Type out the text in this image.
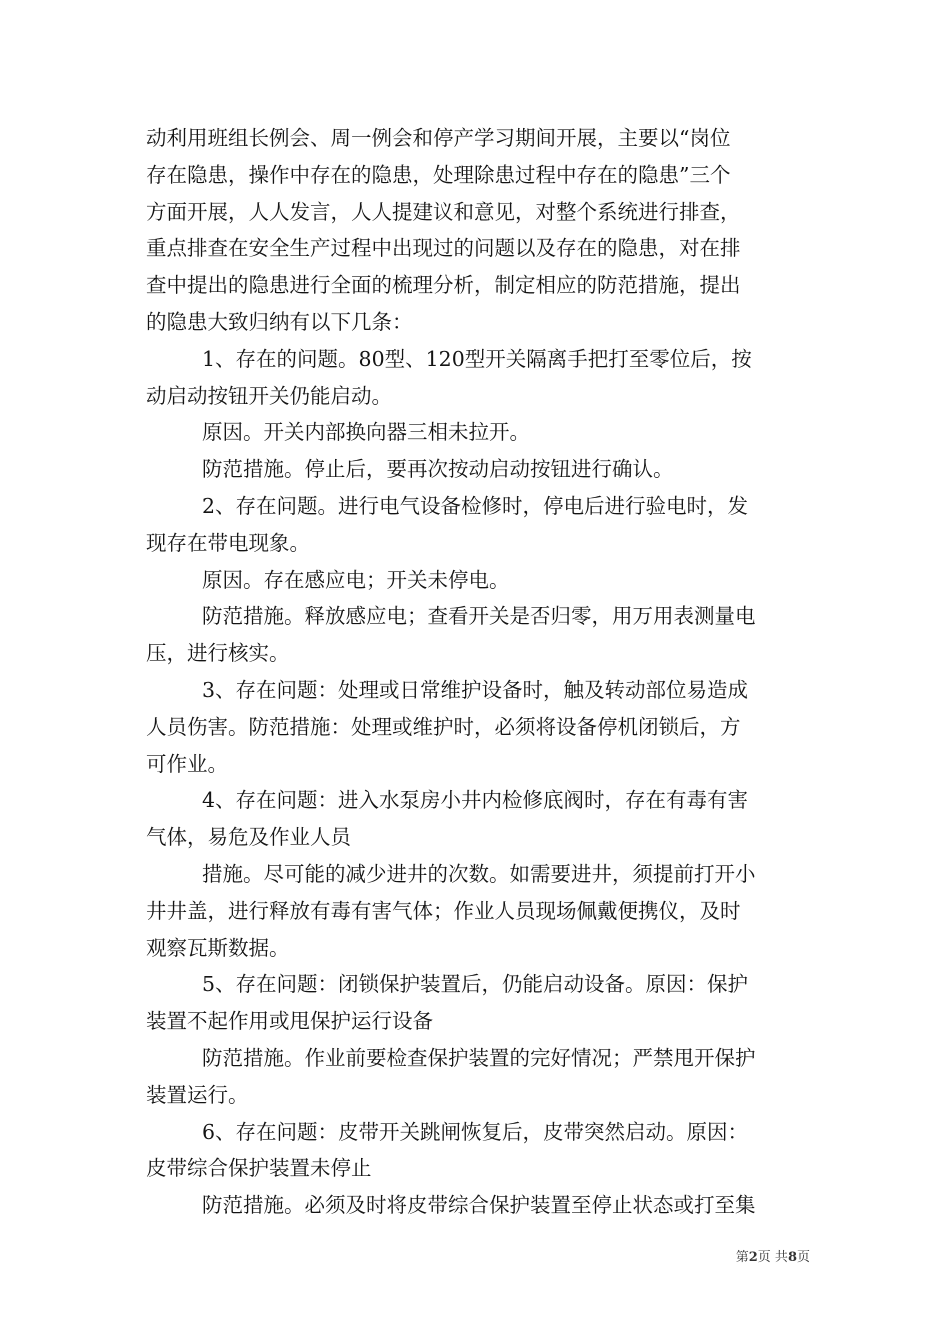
动利用班组长例会、周一例会和停产学习期间开展，主要以“岗位
存在隐患，操作中存在的隐患，处理除患过程中存在的隐患”三个
方面开展，人人发言，人人提建议和意见，对整个系统进行排查，
重点排查在安全生产过程中出现过的问题以及存在的隐患，对在排
查中提出的隐患进行全面的梳理分析，制定相应的防范措施，提出
的隐患大致归纳有以下几条：
1、存在的问题。80型、120型开关隔离手把打至零位后，按
动启动按钮开关仍能启动。
原因。开关内部换向器三相未拉开。
防范措施。停止后，要再次按动启动按钮进行确认。
2、存在问题。进行电气设备检修时，停电后进行验电时，发
现存在带电现象。
原因。存在感应电；开关未停电。
防范措施。释放感应电；查看开关是否归零，用万用表测量电
压，进行核实。
3、存在问题：处理或日常维护设备时，触及转动部位易造成
人员伤害。防范措施：处理或维护时，必须将设备停机闭锁后，方
可作业。
4、存在问题：进入水泵房小井内检修底阀时，存在有毒有害
气体，易危及作业人员
措施。尽可能的减少进井的次数。如需要进井，须提前打开小
井井盖，进行释放有毒有害气体；作业人员现场佩戴便携仪，及时
观察瓦斯数据。
5、存在问题：闭锁保护装置后，仍能启动设备。原因：保护
装置不起作用或甩保护运行设备
防范措施。作业前要检查保护装置的完好情况；严禁甩开保护
装置运行。
6、存在问题：皮带开关跳闸恢复后，皮带突然启动。原因：
皮带综合保护装置未停止
防范措施。必须及时将皮带综合保护装置至停止状态或打至集
第2页 共8页
